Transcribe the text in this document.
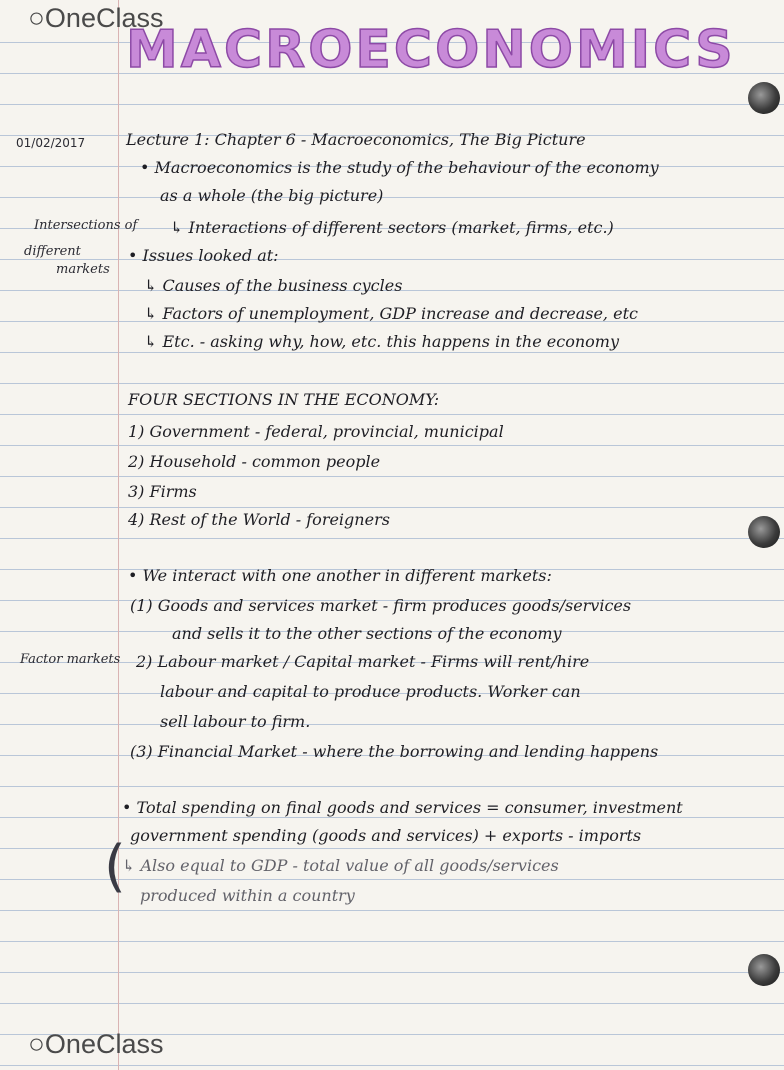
○OneClass
MACROECONOMICS
01/02/2017
Intersections of
different
markets
Factor markets
Lecture 1: Chapter 6 - Macroeconomics, The Big Picture
• Macroeconomics is the study of the behaviour of the economy
as a whole (the big picture)
↳ Interactions of different sectors (market, firms, etc.)
• Issues looked at:
↳ Causes of the business cycles
↳ Factors of unemployment, GDP increase and decrease, etc
↳ Etc. - asking why, how, etc. this happens in the economy
FOUR SECTIONS IN THE ECONOMY:
1) Government - federal, provincial, municipal
2) Household - common people
3) Firms
4) Rest of the World - foreigners
• We interact with one another in different markets:
(1) Goods and services market - firm produces goods/services
and sells it to the other sections of the economy
2) Labour market / Capital market - Firms will rent/hire
labour and capital to produce products. Worker can
sell labour to firm.
(3) Financial Market - where the borrowing and lending happens
(
• Total spending on final goods and services = consumer, investment
government spending (goods and services) + exports - imports
↳ Also equal to GDP - total value of all goods/services
produced within a country
○OneClass
